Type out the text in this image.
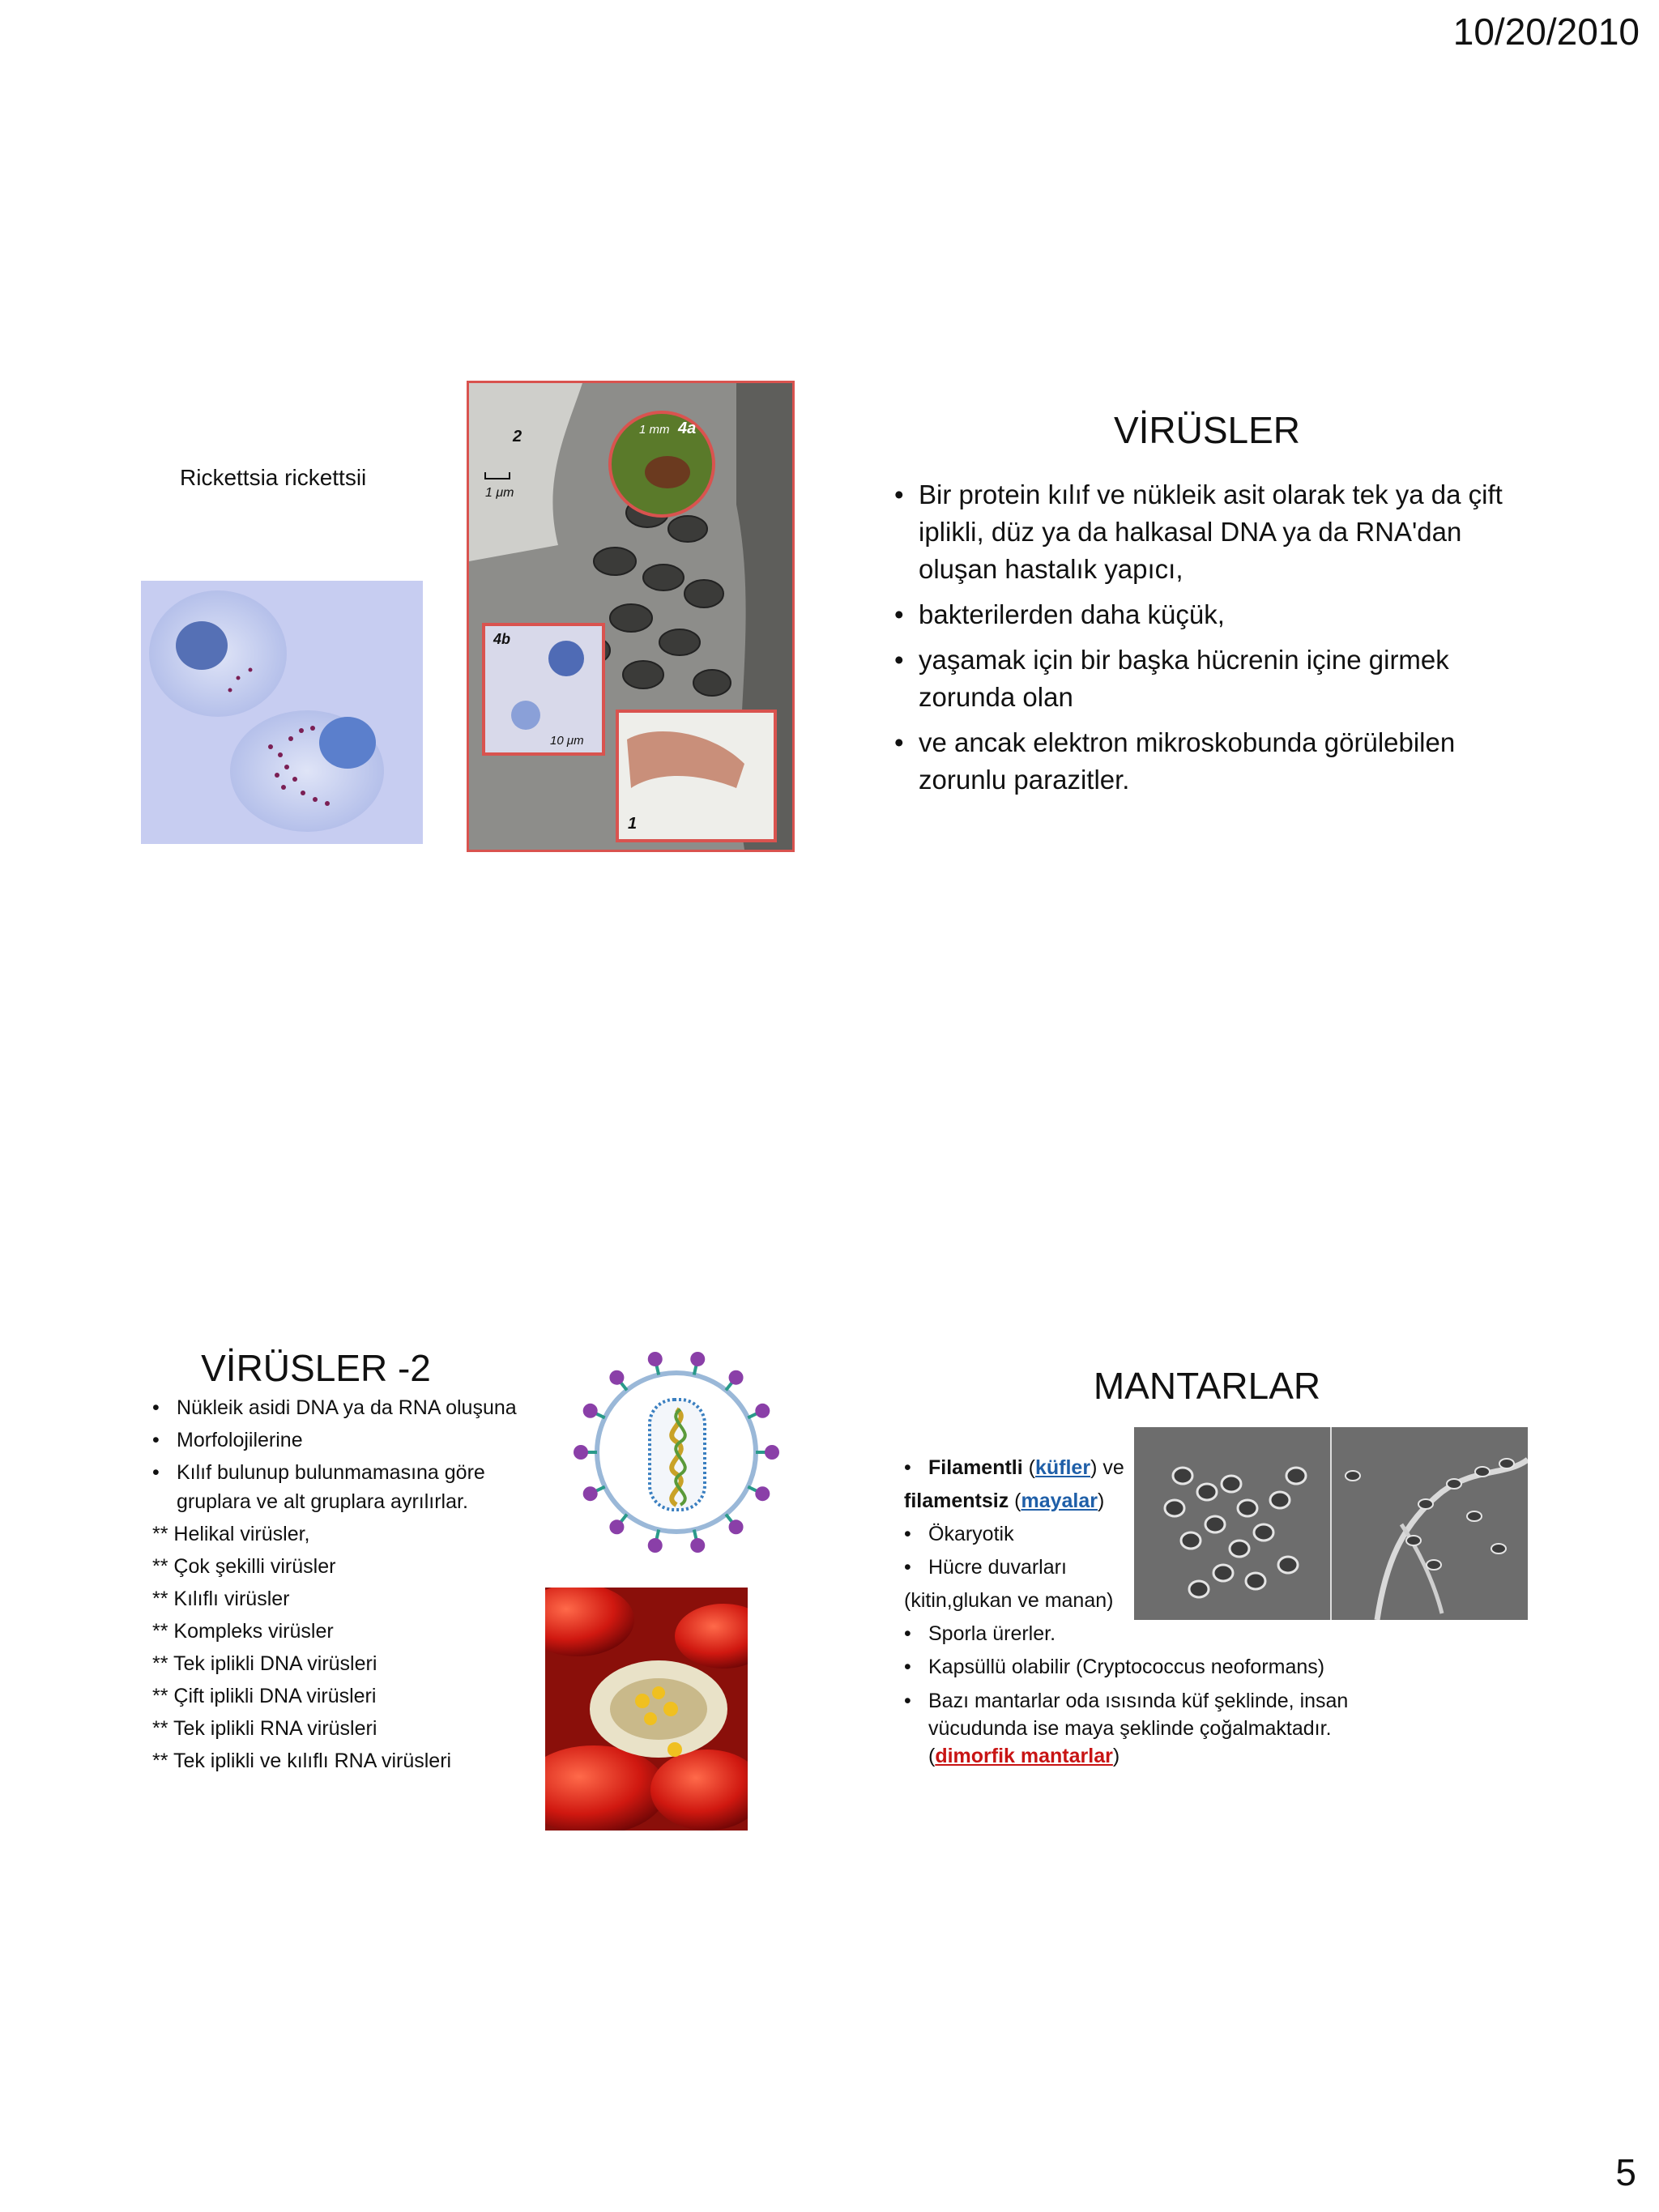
10/20/2010
Rickettsia rickettsii
2
1 μm
1 mm 4a
4b
10 μm
1
VİRÜSLER
• Bir protein kılıf ve nükleik asit olarak tek ya da çift iplikli, düz ya da halkasal DNA ya da RNA'dan oluşan hastalık yapıcı,
• bakterilerden daha küçük,
• yaşamak için bir başka hücrenin içine girmek zorunda olan
• ve ancak elektron mikroskobunda görülebilen zorunlu parazitler.
VİRÜSLER -2
• Nükleik asidi DNA ya da RNA oluşuna
• Morfolojilerine
• Kılıf bulunup bulunmamasına göre gruplara ve alt gruplara ayrılırlar.
** Helikal virüsler,
** Çok şekilli virüsler
** Kılıflı virüsler
** Kompleks virüsler
** Tek iplikli DNA virüsleri
** Çift iplikli DNA virüsleri
** Tek iplikli RNA virüsleri
** Tek iplikli ve kılıflı RNA virüsleri
MANTARLAR
• Filamentli (küfler) ve
filamentsiz (mayalar)
• Ökaryotik
• Hücre duvarları
(kitin,glukan ve manan)
• Sporla ürerler.
• Kapsüllü olabilir (Cryptococcus neoformans)
• Bazı mantarlar oda ısısında küf şeklinde, insan vücudunda ise maya şeklinde çoğalmaktadır.
(dimorfik mantarlar)
5
